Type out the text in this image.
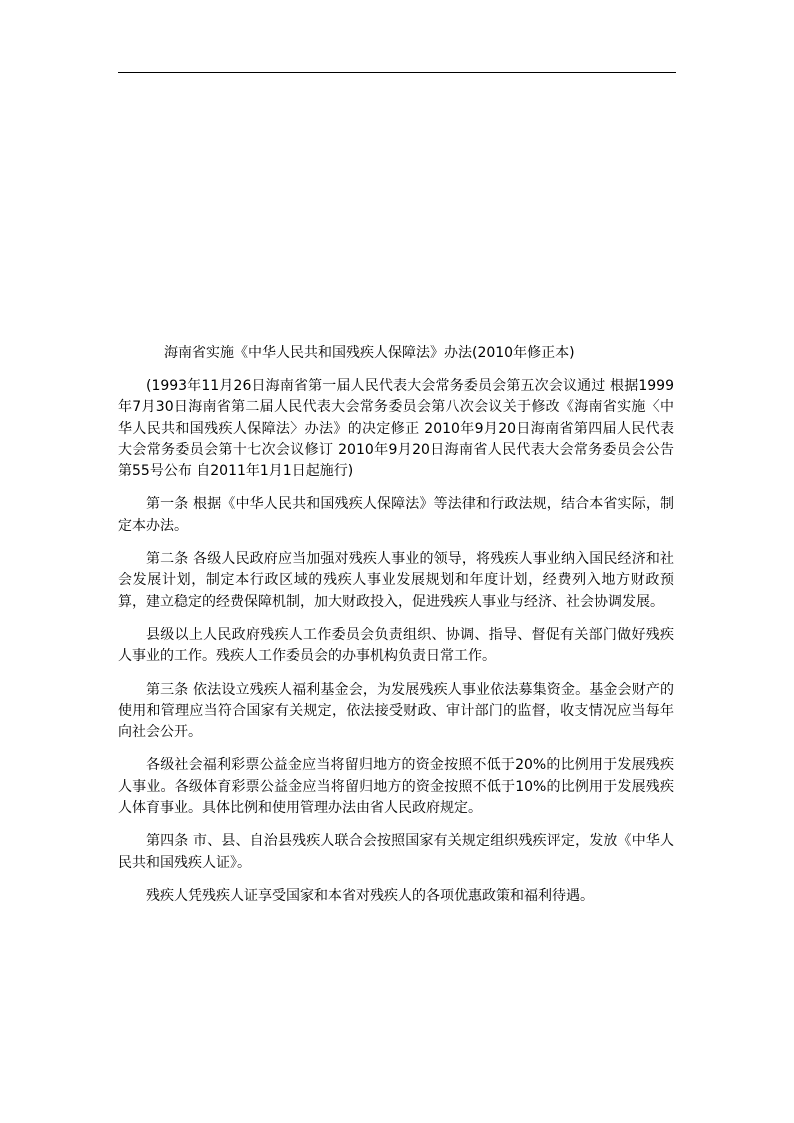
海南省实施《中华人民共和国残疾人保障法》办法(2010年修正本)

(1993年11月26日海南省第一届人民代表大会常务委员会第五次会议通过 根据1999年7月30日海南省第二届人民代表大会常务委员会第八次会议关于修改《海南省实施〈中华人民共和国残疾人保障法〉办法》的决定修正 2010年9月20日海南省第四届人民代表大会常务委员会第十七次会议修订 2010年9月20日海南省人民代表大会常务委员会公告第55号公布 自2011年1月1日起施行)

第一条 根据《中华人民共和国残疾人保障法》等法律和行政法规，结合本省实际，制定本办法。

第二条 各级人民政府应当加强对残疾人事业的领导，将残疾人事业纳入国民经济和社会发展计划，制定本行政区域的残疾人事业发展规划和年度计划，经费列入地方财政预算，建立稳定的经费保障机制，加大财政投入，促进残疾人事业与经济、社会协调发展。

县级以上人民政府残疾人工作委员会负责组织、协调、指导、督促有关部门做好残疾人事业的工作。残疾人工作委员会的办事机构负责日常工作。

第三条 依法设立残疾人福利基金会，为发展残疾人事业依法募集资金。基金会财产的使用和管理应当符合国家有关规定，依法接受财政、审计部门的监督，收支情况应当每年向社会公开。

各级社会福利彩票公益金应当将留归地方的资金按照不低于20%的比例用于发展残疾人事业。各级体育彩票公益金应当将留归地方的资金按照不低于10%的比例用于发展残疾人体育事业。具体比例和使用管理办法由省人民政府规定。

第四条 市、县、自治县残疾人联合会按照国家有关规定组织残疾评定，发放《中华人民共和国残疾人证》。

残疾人凭残疾人证享受国家和本省对残疾人的各项优惠政策和福利待遇。
